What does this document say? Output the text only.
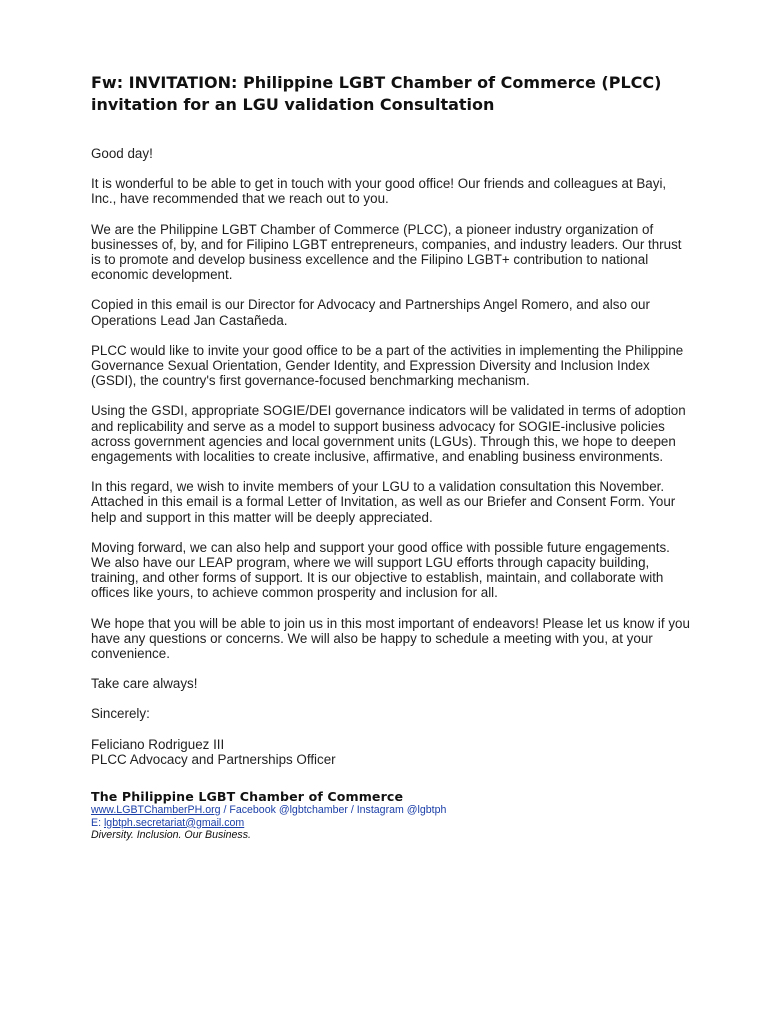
Fw: INVITATION: Philippine LGBT Chamber of Commerce (PLCC) invitation for an LGU validation Consultation
Good day!
It is wonderful to be able to get in touch with your good office! Our friends and colleagues at Bayi, Inc., have recommended that we reach out to you.
We are the Philippine LGBT Chamber of Commerce (PLCC), a pioneer industry organization of businesses of, by, and for Filipino LGBT entrepreneurs, companies, and industry leaders. Our thrust is to promote and develop business excellence and the Filipino LGBT+ contribution to national economic development.
Copied in this email is our Director for Advocacy and Partnerships Angel Romero, and also our Operations Lead Jan Castañeda.
PLCC would like to invite your good office to be a part of the activities in implementing the Philippine Governance Sexual Orientation, Gender Identity, and Expression Diversity and Inclusion Index (GSDI), the country's first governance-focused benchmarking mechanism.
Using the GSDI, appropriate SOGIE/DEI governance indicators will be validated in terms of adoption and replicability and serve as a model to support business advocacy for SOGIE-inclusive policies across government agencies and local government units (LGUs). Through this, we hope to deepen engagements with localities to create inclusive, affirmative, and enabling business environments.
In this regard, we wish to invite members of your LGU to a validation consultation this November. Attached in this email is a formal Letter of Invitation, as well as our Briefer and Consent Form. Your help and support in this matter will be deeply appreciated.
Moving forward, we can also help and support your good office with possible future engagements. We also have our LEAP program, where we will support LGU efforts through capacity building, training, and other forms of support. It is our objective to establish, maintain, and collaborate with offices like yours, to achieve common prosperity and inclusion for all.
We hope that you will be able to join us in this most important of endeavors! Please let us know if you have any questions or concerns. We will also be happy to schedule a meeting with you, at your convenience.
Take care always!
Sincerely:
Feliciano Rodriguez III
PLCC Advocacy and Partnerships Officer
The Philippine LGBT Chamber of Commerce
www.LGBTChamberPH.org / Facebook @lgbtchamber / Instagram @lgbtph
E: lgbtph.secretariat@gmail.com
Diversity. Inclusion. Our Business.
